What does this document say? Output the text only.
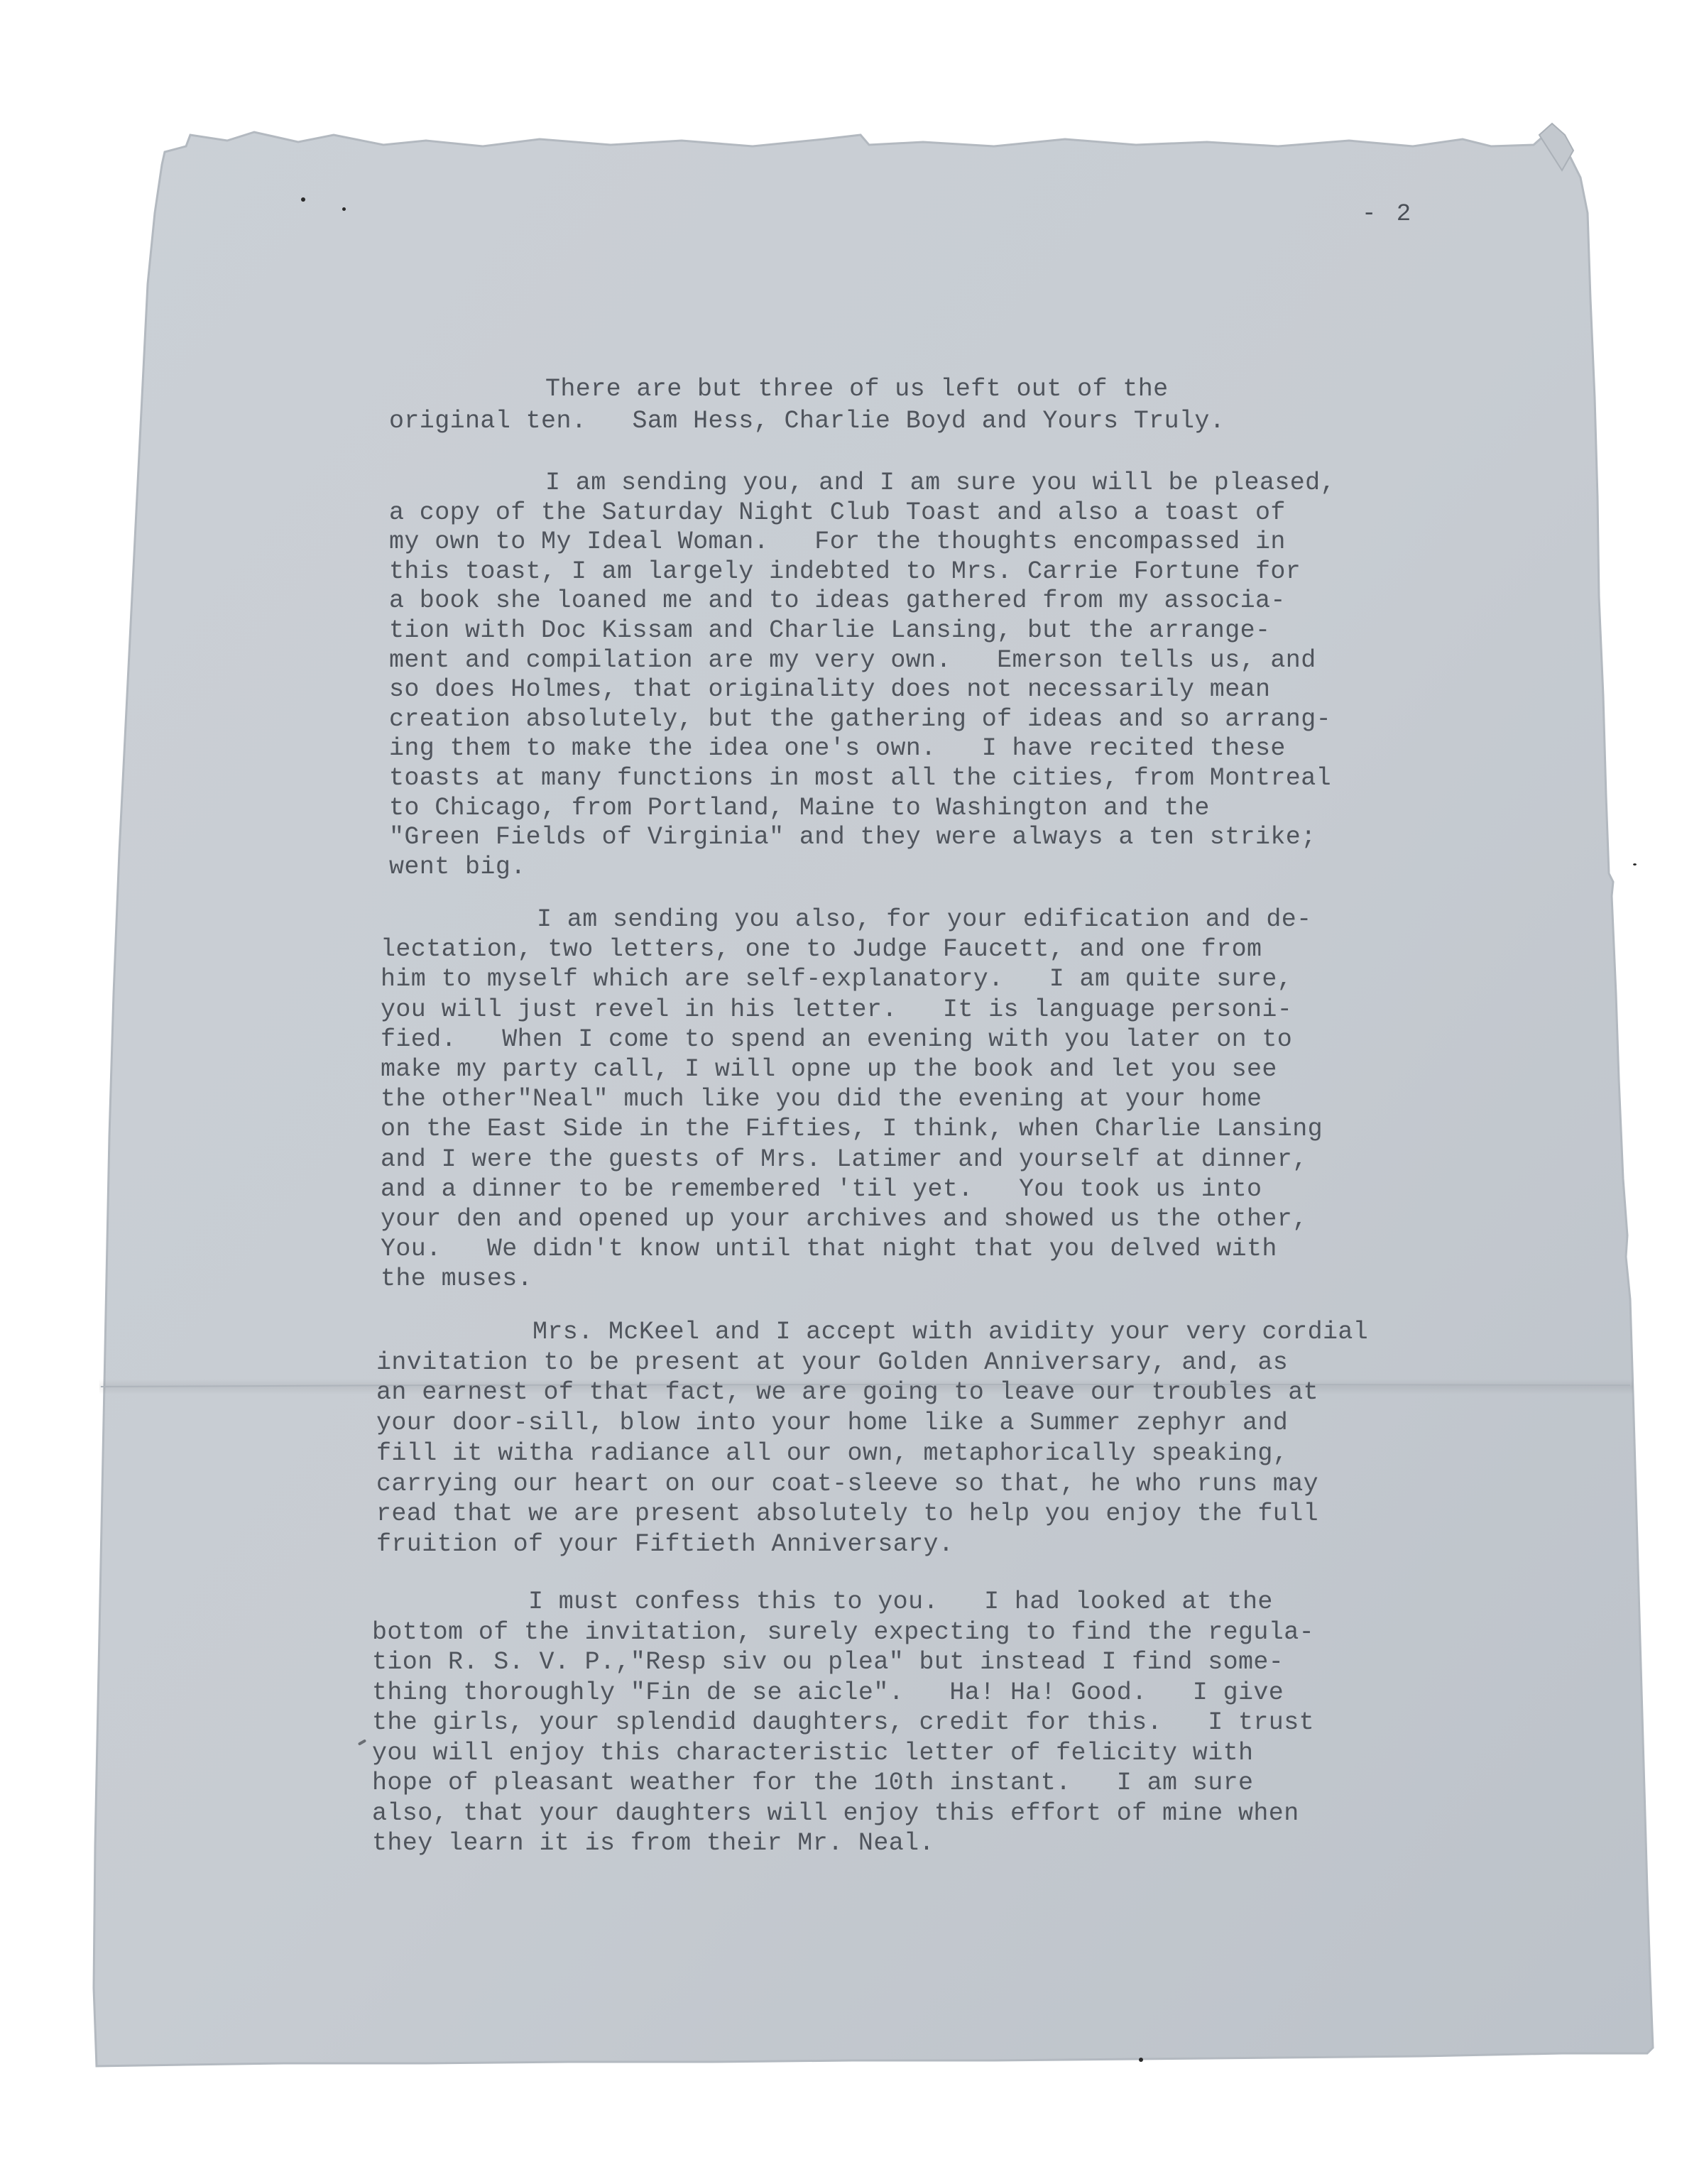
- 2
There are but three of us left out of the
original ten.   Sam Hess, Charlie Boyd and Yours Truly.
I am sending you, and I am sure you will be pleased,
a copy of the Saturday Night Club Toast and also a toast of
my own to My Ideal Woman.   For the thoughts encompassed in
this toast, I am largely indebted to Mrs. Carrie Fortune for
a book she loaned me and to ideas gathered from my associa-
tion with Doc Kissam and Charlie Lansing, but the arrange-
ment and compilation are my very own.   Emerson tells us, and
so does Holmes, that originality does not necessarily mean
creation absolutely, but the gathering of ideas and so arrang-
ing them to make the idea one's own.   I have recited these
toasts at many functions in most all the cities, from Montreal
to Chicago, from Portland, Maine to Washington and the
"Green Fields of Virginia" and they were always a ten strike;
went big.
I am sending you also, for your edification and de-
lectation, two letters, one to Judge Faucett, and one from
him to myself which are self-explanatory.   I am quite sure,
you will just revel in his letter.   It is language personi-
fied.   When I come to spend an evening with you later on to
make my party call, I will opne up the book and let you see
the other"Neal" much like you did the evening at your home
on the East Side in the Fifties, I think, when Charlie Lansing
and I were the guests of Mrs. Latimer and yourself at dinner,
and a dinner to be remembered 'til yet.   You took us into
your den and opened up your archives and showed us the other,
You.   We didn't know until that night that you delved with
the muses.
Mrs. McKeel and I accept with avidity your very cordial
invitation to be present at your Golden Anniversary, and, as
an earnest of that fact, we are going to leave our troubles at
your door-sill, blow into your home like a Summer zephyr and
fill it witha radiance all our own, metaphorically speaking,
carrying our heart on our coat-sleeve so that, he who runs may
read that we are present absolutely to help you enjoy the full
fruition of your Fiftieth Anniversary.
I must confess this to you.   I had looked at the
bottom of the invitation, surely expecting to find the regula-
tion R. S. V. P.,"Resp siv ou plea" but instead I find some-
thing thoroughly "Fin de se aicle".   Ha! Ha! Good.   I give
the girls, your splendid daughters, credit for this.   I trust
you will enjoy this characteristic letter of felicity with
hope of pleasant weather for the 10th instant.   I am sure
also, that your daughters will enjoy this effort of mine when
they learn it is from their Mr. Neal.
